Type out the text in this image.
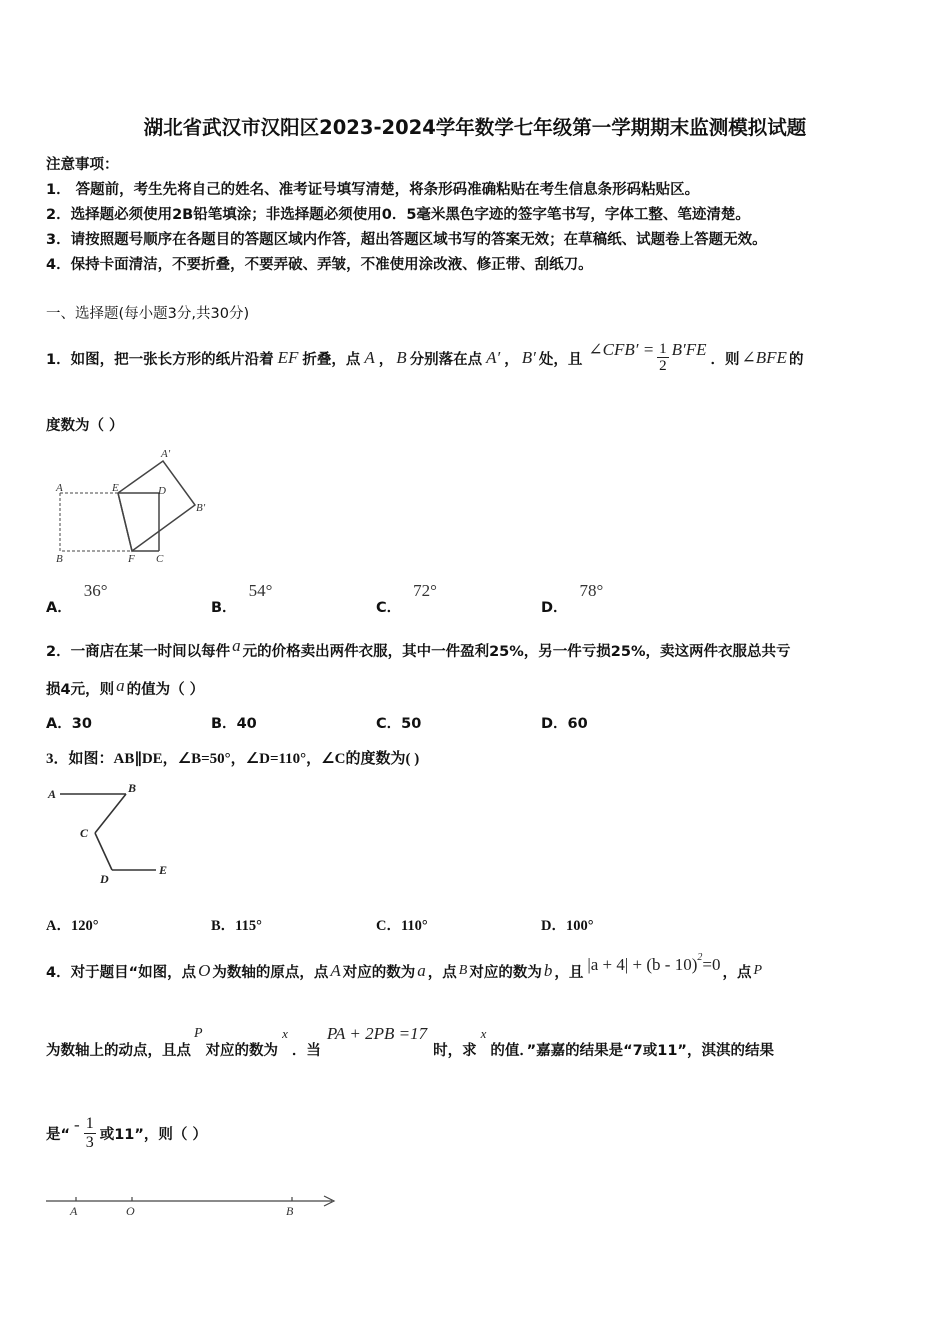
湖北省武汉市汉阳区2023-2024学年数学七年级第一学期期末监测模拟试题
注意事项：
1． 答题前，考生先将自己的姓名、准考证号填写清楚，将条形码准确粘贴在考生信息条形码粘贴区。
2．选择题必须使用2B铅笔填涂；非选择题必须使用0．5毫米黑色字迹的签字笔书写，字体工整、笔迹清楚。
3．请按照题号顺序在各题目的答题区域内作答，超出答题区域书写的答案无效；在草稿纸、试题卷上答题无效。
4．保持卡面清洁，不要折叠，不要弄破、弄皱，不准使用涂改液、修正带、刮纸刀。
一、选择题(每小题3分,共30分)
1．如图，把一张长方形的纸片沿着 EF 折叠，点 A ， B 分别落在点 A′ ， B′ 处，且
∠CFB′ = $\frac{1}{2} B'FE$
．则 ∠BFE 的
度数为（ ）
A	E	D
A′
B′
B	F C
A．36°
B．54°
C．72°
D．78°
2．一商店在某一时间以每件 a 元的价格卖出两件衣服，其中一件盈利25%，另一件亏损25%，卖这两件衣服总共亏
损4元，则 a 的值为（ ）
A．30	B．40	C．50	D．60
3．如图：AB∥DE，∠B=50°，∠D=110°，∠C的度数为( )
A	B
C
D
E
A．120°	B．115°	C．110°	D．100°
4．对于题目“如图，点 O 为数轴的原点，点 A 对应的数为 a ，点 B 对应的数为 b ，且 |a + 4| + (b - 10) 2 =0 ，点 P
为数轴上的动点，且点
P
对应的数为
x
．当
PA + 2PB =17
时，求
x
的值．”嘉嘉的结果是“7或11”，淇淇的结果
是“
- $\frac{1}{3}$ 或11”，则（ ）
A	O	B
